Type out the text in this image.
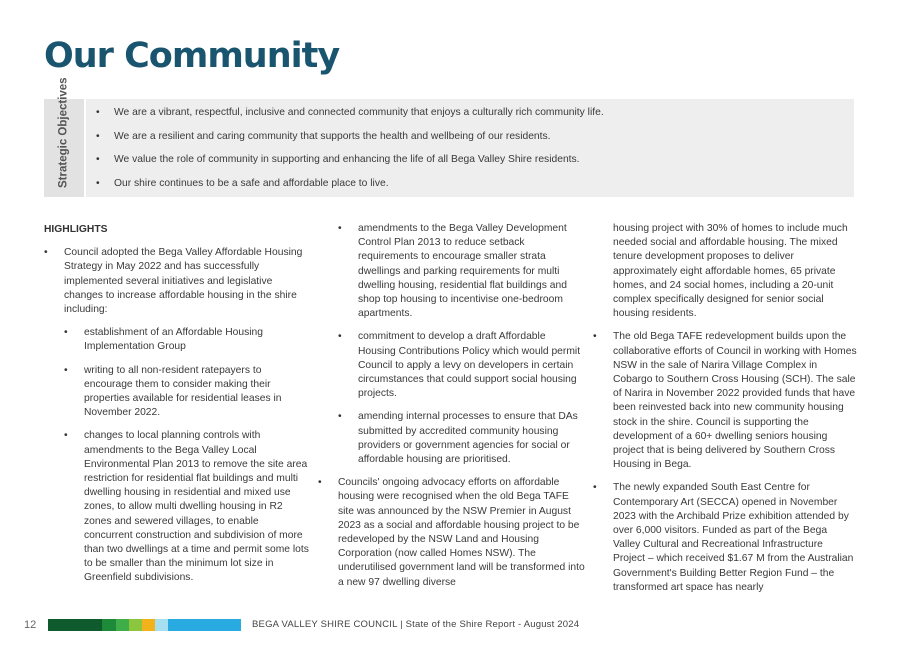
Our Community
Strategic Objectives
•	We are a vibrant, respectful, inclusive and connected community that enjoys a culturally rich community life.
• We are a resilient and caring community that supports the health and wellbeing of our residents.
• We value the role of community in supporting and enhancing the life of all Bega Valley Shire residents.
• Our shire continues to be a safe and affordable place to live.
HIGHLIGHTS

• Council adopted the Bega Valley Affordable Housing Strategy in May 2022 and has successfully implemented several initiatives and legislative changes to increase affordable housing in the shire including:

• establishment of an Affordable Housing Implementation Group

• writing to all non-resident ratepayers to encourage them to consider making their properties available for residential leases in November 2022.

• changes to local planning controls with amendments to the Bega Valley Local Environmental Plan 2013 to remove the site area restriction for residential flat buildings and multi dwelling housing in residential and mixed use zones, to allow multi dwelling housing in R2 zones and sewered villages, to enable concurrent construction and subdivision of more than two dwellings at a time and permit some lots to be smaller than the minimum lot size in Greenfield subdivisions.

• amendments to the Bega Valley Development Control Plan 2013 to reduce setback requirements to encourage smaller strata dwellings and parking requirements for multi dwelling housing, residential flat buildings and shop top housing to incentivise one-bedroom apartments.

• commitment to develop a draft Affordable Housing Contributions Policy which would permit Council to apply a levy on developers in certain circumstances that could support social housing projects.

• amending internal processes to ensure that DAs submitted by accredited community housing providers or government agencies for social or affordable housing are prioritised.

• Councils' ongoing advocacy efforts on affordable housing were recognised when the old Bega TAFE site was announced by the NSW Premier in August 2023 as a social and affordable housing project to be redeveloped by the NSW Land and Housing Corporation (now called Homes NSW). The underutilised government land will be transformed into a new 97 dwelling diverse

housing project with 30% of homes to include much needed social and affordable housing. The mixed tenure development proposes to deliver approximately eight affordable homes, 65 private homes, and 24 social homes, including a 20-unit complex specifically designed for senior social housing residents.

• The old Bega TAFE redevelopment builds upon the collaborative efforts of Council in working with Homes NSW in the sale of Narira Village Complex in Cobargo to Southern Cross Housing (SCH). The sale of Narira in November 2022 provided funds that have been reinvested back into new community housing stock in the shire. Council is supporting the development of a 60+ dwelling seniors housing project that is being delivered by Southern Cross Housing in Bega.

• The newly expanded South East Centre for Contemporary Art (SECCA) opened in November 2023 with the Archibald Prize exhibition attended by over 6,000 visitors. Funded as part of the Bega Valley Cultural and Recreational Infrastructure Project – which received $1.67 M from the Australian Government's Building Better Region Fund – the transformed art space has nearly

12	BEGA VALLEY SHIRE COUNCIL | State of the Shire Report - August 2024
